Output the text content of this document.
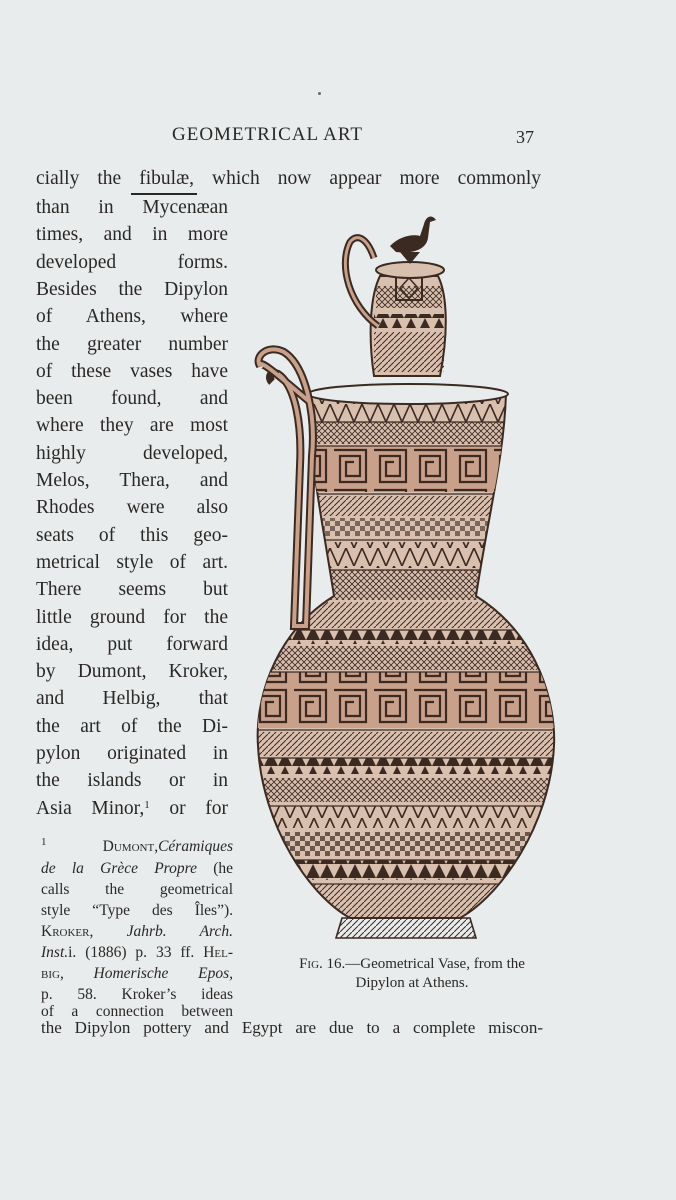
GEOMETRICAL ART	37
cially the fibulæ, which now appear more commonly
than in Mycenæan
times, and in more
developed forms.
Besides the Dipylon
of Athens, where
the greater number
of these vases have
been found, and
where they are most
highly developed,
Melos, Thera, and
Rhodes were also
seats of this geo-
metrical style of art.
There seems but
little ground for the
idea, put forward
by Dumont, Kroker,
and Helbig, that
the art of the Di-
pylon originated in
the islands or in
Asia Minor,$^1$ or for
$^1$	Dumont,Céramiques
de la Grèce Propre (he
calls the geometrical
style “Type des Îles”).
Kroker, Jahrb. Arch.
Inst.i. (1886) p. 33 ff. Hel-
big, Homerische Epos,
p. 58. Kroker’s ideas
of a connection between
the Dipylon pottery and Egypt are due to a complete miscon-
Fig. 16.—Geometrical Vase, from the
Dipylon at Athens.
